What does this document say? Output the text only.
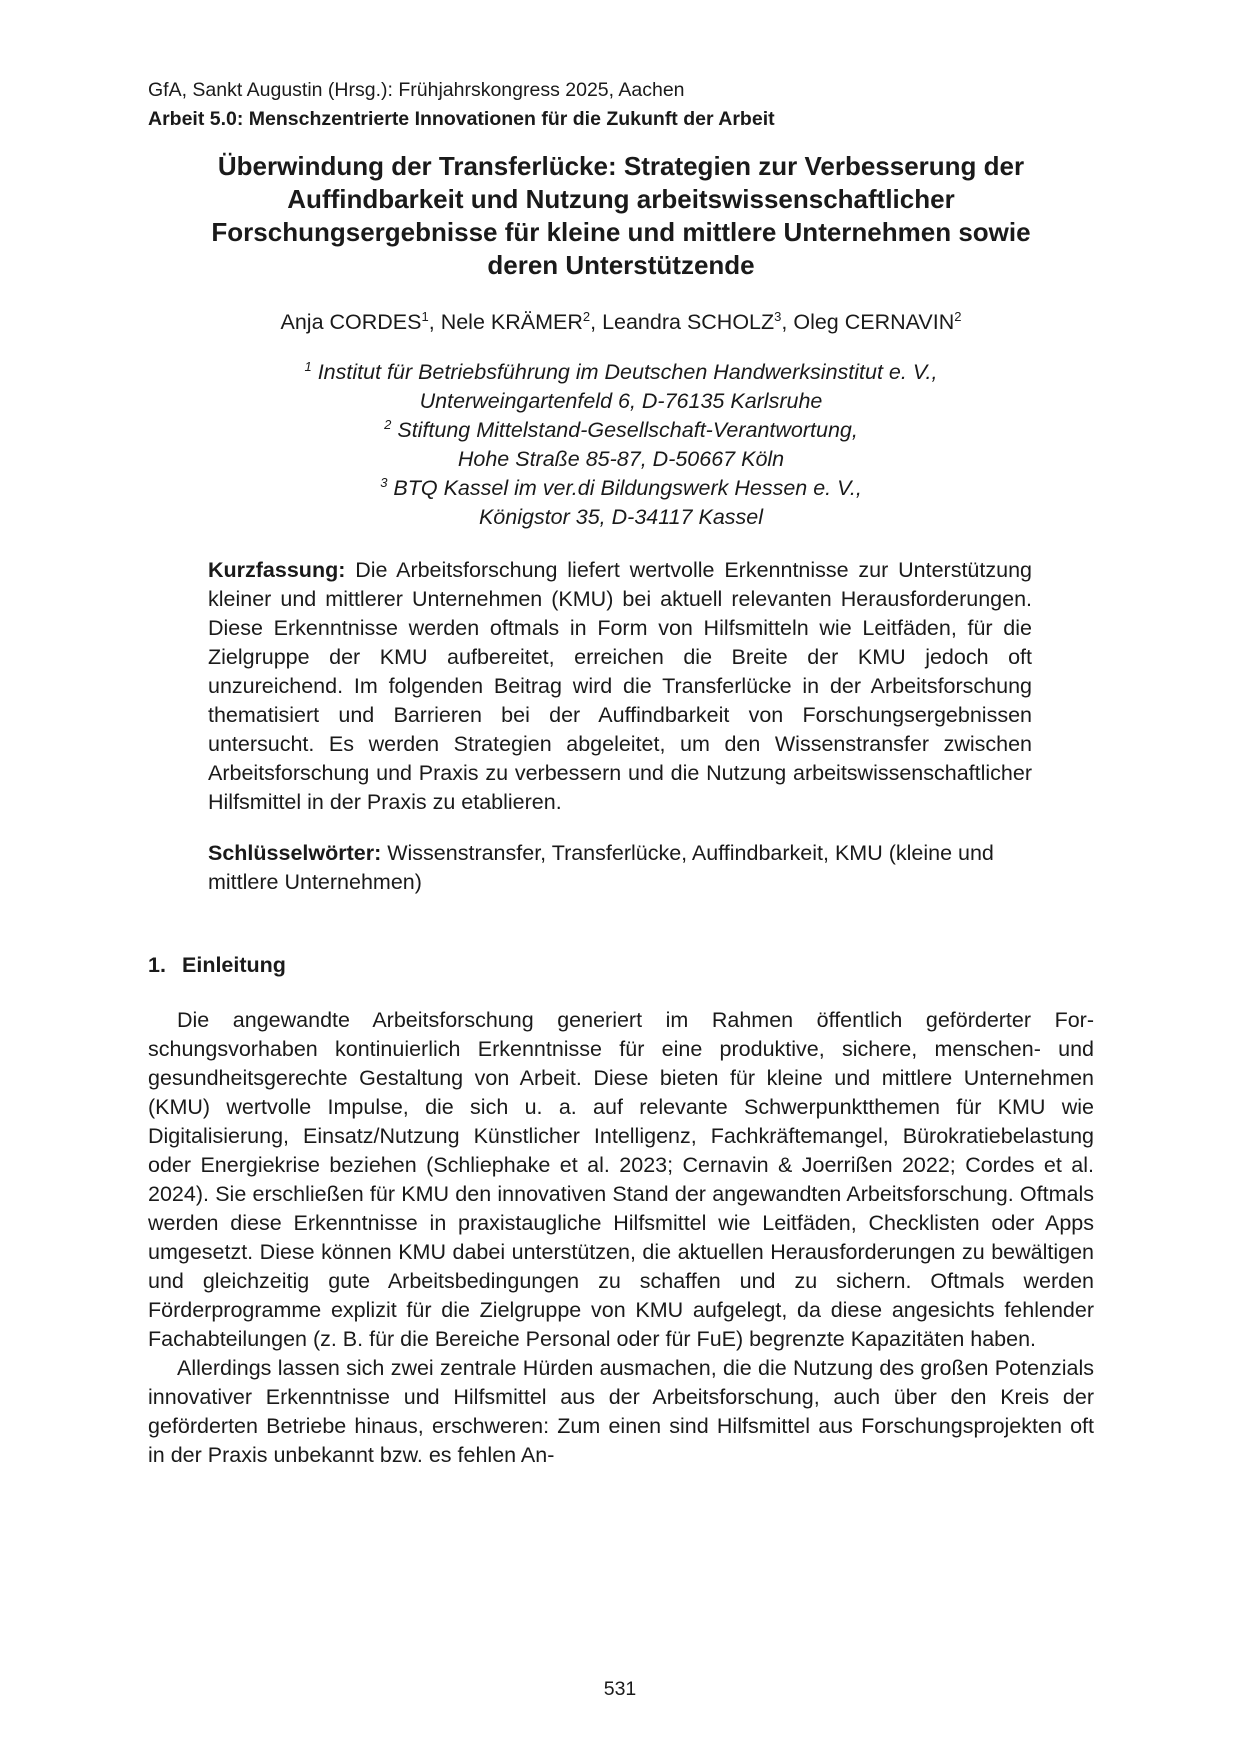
GfA, Sankt Augustin (Hrsg.): Frühjahrskongress 2025, Aachen
Arbeit 5.0: Menschzentrierte Innovationen für die Zukunft der Arbeit
Überwindung der Transferlücke: Strategien zur Verbesserung der
Auffindbarkeit und Nutzung arbeitswissenschaftlicher
Forschungsergebnisse für kleine und mittlere Unternehmen sowie
deren Unterstützende
Anja CORDES$^1$, Nele KRÄMER$^2$, Leandra SCHOLZ$^3$, Oleg CERNAVIN$^2$
$^1$ Institut für Betriebsführung im Deutschen Handwerksinstitut e. V.,
Unterweingartenfeld 6, D-76135 Karlsruhe
$^2$ Stiftung Mittelstand-Gesellschaft-Verantwortung,
Hohe Straße 85-87, D-50667 Köln
$^3$ BTQ Kassel im ver.di Bildungswerk Hessen e. V.,
Königstor 35, D-34117 Kassel
Kurzfassung: Die Arbeitsforschung liefert wertvolle Erkenntnisse zur Unterstützung kleiner und mittlerer Unternehmen (KMU) bei aktuell relevanten Herausforderungen. Diese Erkenntnisse werden oftmals in Form von Hilfsmitteln wie Leitfäden, für die Zielgruppe der KMU aufbereitet, erreichen die Breite der KMU jedoch oft unzureichend. Im folgenden Beitrag wird die Transferlücke in der Arbeitsforschung thematisiert und Barrieren bei der Auffindbarkeit von Forschungsergebnissen untersucht. Es werden Strategien abgeleitet, um den Wissenstransfer zwischen Arbeitsforschung und Praxis zu verbessern und die Nutzung arbeitswissenschaftlicher Hilfsmittel in der Praxis zu etablieren.
Schlüsselwörter: Wissenstransfer, Transferlücke, Auffindbarkeit, KMU (kleine und mittlere Unternehmen)
1. Einleitung

Die angewandte Arbeitsforschung generiert im Rahmen öffentlich geförderter Forschungsvorhaben kontinuierlich Erkenntnisse für eine produktive, sichere, menschen- und gesundheitsgerechte Gestaltung von Arbeit. Diese bieten für kleine und mittlere Unternehmen (KMU) wertvolle Impulse, die sich u. a. auf relevante Schwerpunktthemen für KMU wie Digitalisierung, Einsatz/Nutzung Künstlicher Intelligenz, Fachkräftemangel, Bürokratiebelastung oder Energiekrise beziehen (Schliephake et al. 2023; Cernavin & Joerrißen 2022; Cordes et al. 2024). Sie erschließen für KMU den innovativen Stand der angewandten Arbeitsforschung. Oftmals werden diese Erkenntnisse in praxistaugliche Hilfsmittel wie Leitfäden, Checklisten oder Apps umgesetzt. Diese können KMU dabei unterstützen, die aktuellen Herausforderungen zu bewältigen und gleichzeitig gute Arbeitsbedingungen zu schaffen und zu sichern. Oftmals werden Förderprogramme explizit für die Zielgruppe von KMU aufgelegt, da diese angesichts fehlender Fachabteilungen (z. B. für die Bereiche Personal oder für FuE) begrenzte Kapazitäten haben.

Allerdings lassen sich zwei zentrale Hürden ausmachen, die die Nutzung des großen Potenzials innovativer Erkenntnisse und Hilfsmittel aus der Arbeitsforschung, auch über den Kreis der geförderten Betriebe hinaus, erschweren: Zum einen sind Hilfsmittel aus Forschungsprojekten oft in der Praxis unbekannt bzw. es fehlen An-

531
